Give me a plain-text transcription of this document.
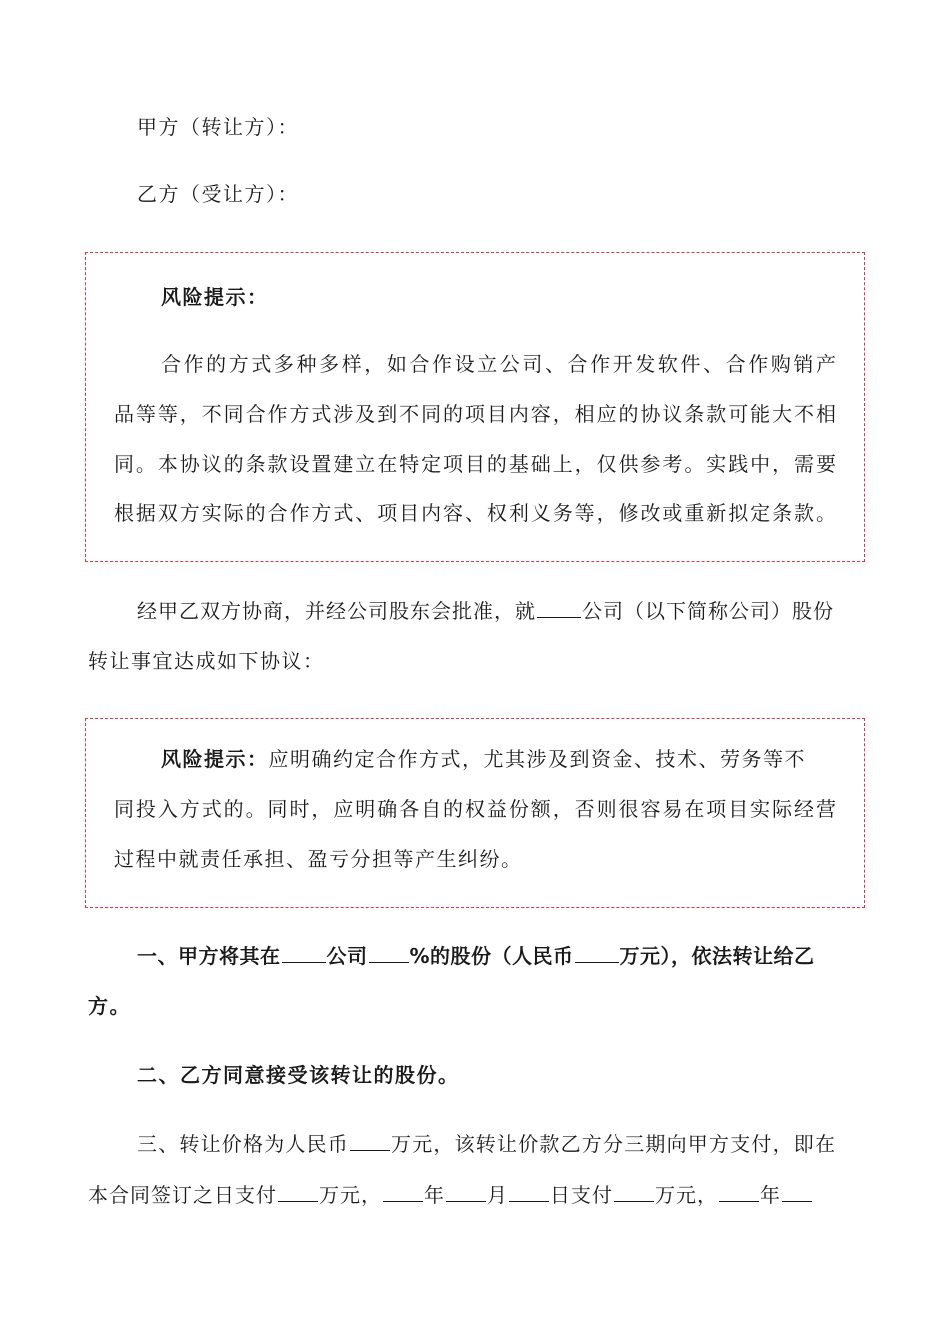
甲方（转让方）：
乙方（受让方）：
风险提示：
合作的方式多种多样，如合作设立公司、合作开发软件、合作购销产
品等等，不同合作方式涉及到不同的项目内容，相应的协议条款可能大不相
同。本协议的条款设置建立在特定项目的基础上，仅供参考。实践中，需要
根据双方实际的合作方式、项目内容、权利义务等，修改或重新拟定条款。
经甲乙双方协商，并经公司股东会批准，就 公司（以下简称公司）股份
转让事宜达成如下协议：
风险提示：应明确约定合作方式，尤其涉及到资金、技术、劳务等不
同投入方式的。同时，应明确各自的权益份额，否则很容易在项目实际经营
过程中就责任承担、盈亏分担等产生纠纷。
一、甲方将其在 公司 %的股份（人民币 万元），依法转让给乙
方。
二、乙方同意接受该转让的股份。
三、转让价格为人民币 万元，该转让价款乙方分三期向甲方支付，即在
本合同签订之日支付 万元， 年 月 日支付 万元， 年
